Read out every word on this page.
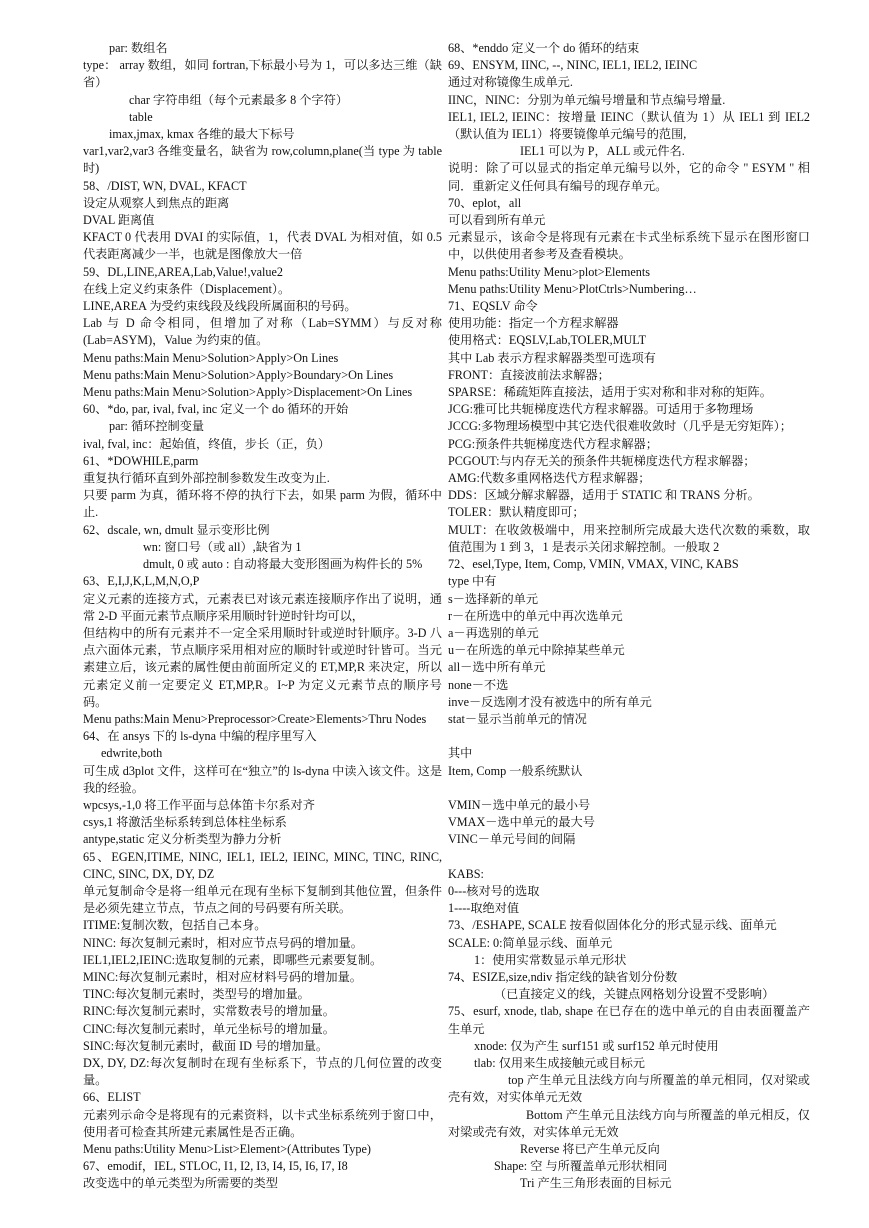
par: 数组名

type： array 数组，如同 fortran,下标最小号为 1，可以多达三维（缺省）

char 字符串组（每个元素最多 8 个字符）

table

imax,jmax, kmax 各维的最大下标号

var1,var2,var3 各维变量名，缺省为 row,column,plane(当 type 为 table 时)

58、/DIST, WN, DVAL, KFACT

设定从观察人到焦点的距离

DVAL 距离值

KFACT 0 代表用 DVAI 的实际值，1，代表 DVAL 为相对值，如 0.5 代表距离减少一半，也就是图像放大一倍

59、DL,LINE,AREA,Lab,Value!,value2

在线上定义约束条件（Displacement）。

LINE,AREA 为受约束线段及线段所属面积的号码。

Lab 与 D 命令相同，但增加了对称（Lab=SYMM）与反对称(Lab=ASYM)，Value 为约束的值。

Menu paths:Main Menu>Solution>Apply>On Lines

Menu paths:Main Menu>Solution>Apply>Boundary>On Lines

Menu paths:Main Menu>Solution>Apply>Displacement>On Lines

60、*do, par, ival, fval, inc 定义一个 do 循环的开始

par: 循环控制变量

ival, fval, inc：起始值，终值，步长（正，负）

61、*DOWHILE,parm

重复执行循环直到外部控制参数发生改变为止.

只要 parm 为真，循环将不停的执行下去，如果 parm 为假，循环中止.

62、dscale, wn, dmult 显示变形比例

wn: 窗口号（或 all）,缺省为 1

dmult, 0 或 auto : 自动将最大变形图画为构件长的 5%

63、E,I,J,K,L,M,N,O,P

定义元素的连接方式，元素表已对该元素连接顺序作出了说明，通常 2-D 平面元素节点顺序采用顺时针逆时针均可以，

但结构中的所有元素并不一定全采用顺时针或逆时针顺序。3-D 八点六面体元素，节点顺序采用相对应的顺时针或逆时针皆可。当元素建立后，该元素的属性便由前面所定义的 ET,MP,R 来决定，所以元素定义前一定要定义 ET,MP,R。I~P 为定义元素节点的顺序号码。

Menu paths:Main Menu>Preprocessor>Create>Elements>Thru Nodes

64、在 ansys 下的 ls-dyna 中编的程序里写入

edwrite,both

可生成 d3plot 文件，这样可在“独立”的 ls-dyna 中读入该文件。这是我的经验。

wpcsys,-1,0 将工作平面与总体笛卡尔系对齐

csys,1 将激活坐标系转到总体柱坐标系

antype,static 定义分析类型为静力分析

65、EGEN,ITIME, NINC, IEL1, IEL2, IEINC, MINC, TINC, RINC, CINC, SINC, DX, DY, DZ

单元复制命令是将一组单元在现有坐标下复制到其他位置，但条件是必须先建立节点，节点之间的号码要有所关联。

ITIME:复制次数，包括自己本身。

NINC: 每次复制元素时，相对应节点号码的增加量。

IEL1,IEL2,IEINC:选取复制的元素，即哪些元素要复制。

MINC:每次复制元素时，相对应材料号码的增加量。

TINC:每次复制元素时，类型号的增加量。

RINC:每次复制元素时，实常数表号的增加量。

CINC:每次复制元素时，单元坐标号的增加量。

SINC:每次复制元素时，截面 ID 号的增加量。

DX, DY, DZ:每次复制时在现有坐标系下，节点的几何位置的改变量。

66、ELIST

元素列示命令是将现有的元素资料，以卡式坐标系统列于窗口中，使用者可检查其所建元素属性是否正确。

Menu paths:Utility Menu>List>Element>(Attributes Type)

67、emodif，IEL, STLOC, I1, I2, I3, I4, I5, I6, I7, I8

改变选中的单元类型为所需要的类型

68、*enddo 定义一个 do 循环的结束

69、ENSYM, IINC, --, NINC, IEL1, IEL2, IEINC

通过对称镜像生成单元.

IINC，NINC：分别为单元编号增量和节点编号增量.

IEL1, IEL2, IEINC：按增量 IEINC（默认值为 1）从 IEL1 到 IEL2（默认值为 IEL1）将要镜像单元编号的范围,

IEL1 可以为 P，ALL 或元件名.

说明：除了可以显式的指定单元编号以外，它的命令 " ESYM " 相同．重新定义任何具有编号的现存单元。

70、eplot，all

可以看到所有单元

元素显示，该命令是将现有元素在卡式坐标系统下显示在图形窗口中，以供使用者参考及查看模块。

Menu paths:Utility Menu>plot>Elements

Menu paths:Utility Menu>PlotCtrls>Numbering…

71、EQSLV 命令

使用功能：指定一个方程求解器

使用格式：EQSLV,Lab,TOLER,MULT

其中 Lab 表示方程求解器类型可选项有

FRONT：直接波前法求解器；

SPARSE：稀疏矩阵直接法，适用于实对称和非对称的矩阵。

JCG:雅可比共轭梯度迭代方程求解器。可适用于多物理场

JCCG:多物理场模型中其它迭代很难收敛时（几乎是无穷矩阵）；

PCG:预条件共轭梯度迭代方程求解器；

PCGOUT:与内存无关的预条件共轭梯度迭代方程求解器；

AMG:代数多重网格迭代方程求解器；

DDS：区域分解求解器，适用于 STATIC 和 TRANS 分析。

TOLER：默认精度即可；

MULT：在收敛极端中，用来控制所完成最大迭代次数的乘数，取值范围为 1 到 3，1 是表示关闭求解控制。一般取 2

72、esel,Type, Item, Comp, VMIN, VMAX, VINC, KABS

type 中有

s－选择新的单元

r－在所选中的单元中再次选单元

a－再选别的单元

u－在所选的单元中除掉某些单元

all－选中所有单元

none－不选

inve－反选刚才没有被选中的所有单元

stat－显示当前单元的情况

其中

Item, Comp 一般系统默认

VMIN－选中单元的最小号

VMAX－选中单元的最大号

VINC－单元号间的间隔

KABS:

0---核对号的选取

1----取绝对值

73、/ESHAPE, SCALE 按看似固体化分的形式显示线、面单元

SCALE: 0:简单显示线、面单元

1：使用实常数显示单元形状

74、ESIZE,size,ndiv 指定线的缺省划分份数

（已直接定义的线，关键点网格划分设置不受影响）

75、esurf, xnode, tlab, shape 在已存在的选中单元的自由表面覆盖产生单元

xnode: 仅为产生 surf151 或 surf152 单元时使用

tlab: 仅用来生成接触元或目标元

top 产生单元且法线方向与所覆盖的单元相同，仅对梁或壳有效，对实体单元无效

Bottom 产生单元且法线方向与所覆盖的单元相反，仅对梁或壳有效，对实体单元无效

Reverse 将已产生单元反向

Shape: 空 与所覆盖单元形状相同

Tri 产生三角形表面的目标元
